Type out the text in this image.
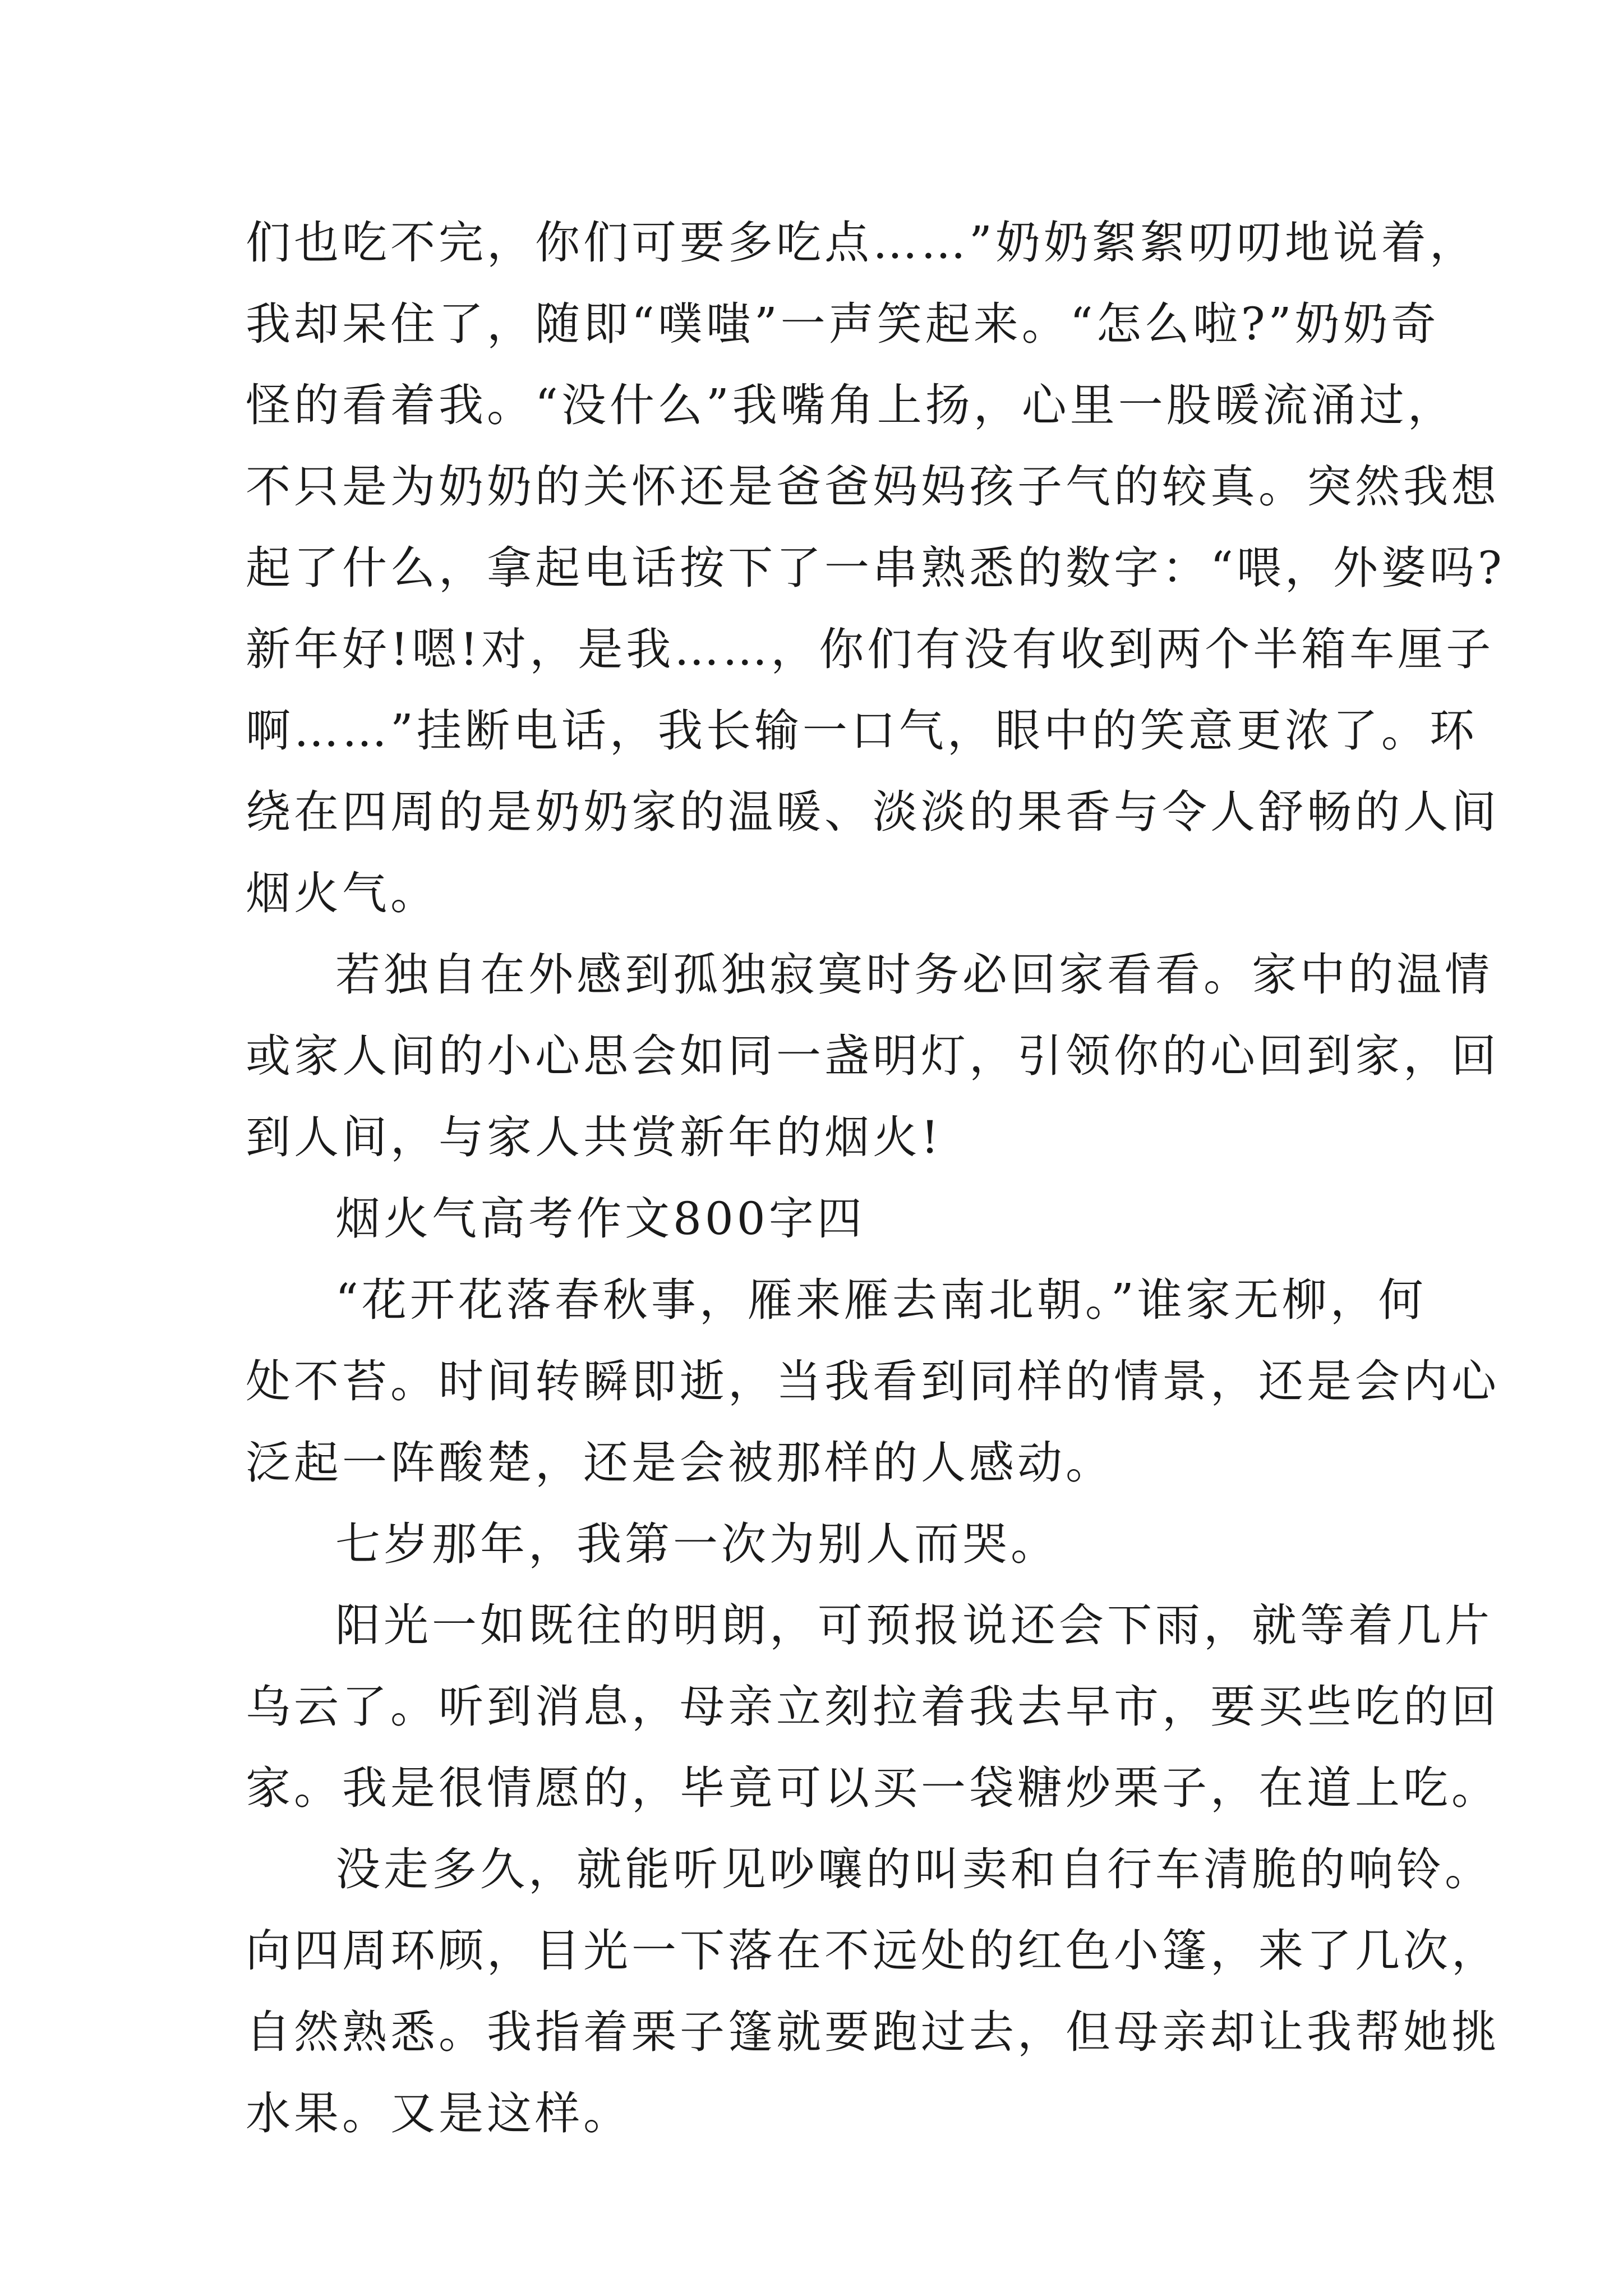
们也吃不完，你们可要多吃点……”奶奶絮絮叨叨地说着，
我却呆住了，随即“噗嗤”一声笑起来。“怎么啦?”奶奶奇
怪的看着我。“没什么”我嘴角上扬，心里一股暖流涌过，
不只是为奶奶的关怀还是爸爸妈妈孩子气的较真。突然我想
起了什么，拿起电话按下了一串熟悉的数字：“喂，外婆吗?
新年好!嗯!对，是我……，你们有没有收到两个半箱车厘子
啊……”挂断电话，我长输一口气，眼中的笑意更浓了。环
绕在四周的是奶奶家的温暖、淡淡的果香与令人舒畅的人间
烟火气。
若独自在外感到孤独寂寞时务必回家看看。家中的温情
或家人间的小心思会如同一盏明灯，引领你的心回到家，回
到人间，与家人共赏新年的烟火!
烟火气高考作文800字四
“花开花落春秋事，雁来雁去南北朝。”谁家无柳，何
处不苔。时间转瞬即逝，当我看到同样的情景，还是会内心
泛起一阵酸楚，还是会被那样的人感动。
七岁那年，我第一次为别人而哭。
阳光一如既往的明朗，可预报说还会下雨，就等着几片
乌云了。听到消息，母亲立刻拉着我去早市，要买些吃的回
家。我是很情愿的，毕竟可以买一袋糖炒栗子，在道上吃。
没走多久，就能听见吵嚷的叫卖和自行车清脆的响铃。
向四周环顾，目光一下落在不远处的红色小篷，来了几次，
自然熟悉。我指着栗子篷就要跑过去，但母亲却让我帮她挑
水果。又是这样。
